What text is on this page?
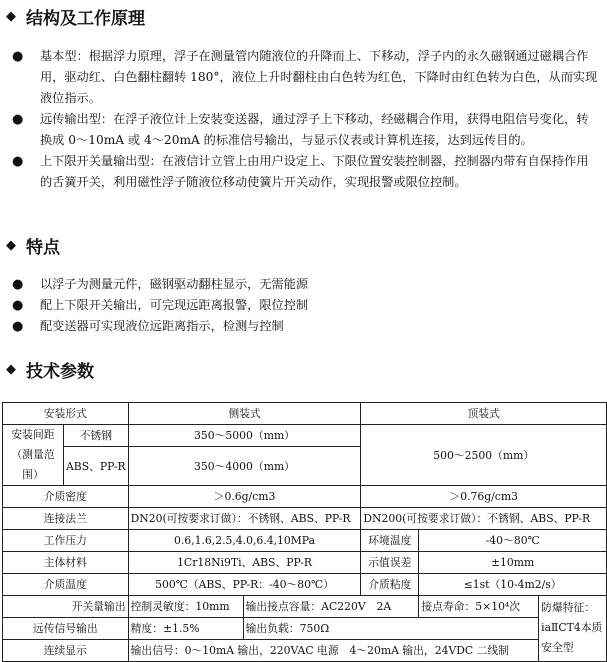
◆ 结构及工作原理
● 基本型：根据浮力原理，浮子在测量管内随液位的升降而上、下移动，浮子内的永久磁钢通过磁耦合作用，驱动红、白色翻柱翻转 180°，液位上升时翻柱由白色转为红色，下降时由红色转为白色，从而实现液位指示。
● 远传输出型：在浮子液位计上安装变送器，通过浮子上下移动，经磁耦合作用，获得电阻信号变化，转换成 0～10mA 或 4～20mA 的标准信号输出，与显示仪表或计算机连接，达到远传目的。
● 上下限开关量输出型：在液信计立管上由用户设定上、下限位置安装控制器，控制器内带有自保持作用的舌簧开关，利用磁性浮子随液位移动使簧片开关动作，实现报警或限位控制。
◆ 特点
● 以浮子为测量元件，磁钢驱动翻柱显示，无需能源
● 配上下限开关输出，可完现远距离报警，限位控制
● 配变送器可实现液位远距离指示，检测与控制
◆ 技术参数
安装形式		侧装式		顶装式		
安装间距（测量范围）	不锈钢	350～5000（mm）		500～2500（mm）		
	ABS、PP-R	350～4000（mm）				

介质密度		＞0.6g/cm3		＞0.76g/cm3		
连接法兰		DN20(可按要求订做）：不锈钢、ABS、PP-R		DN200(可按要求订做）：不锈钢、ABS、PP-R		
工作压力		0.6,1.6,2.5,4.0,6.4,10MPa		环境温度	-40～80℃	
主体材料		1Cr18Ni9Ti、ABS、PP-R		示值误差	±10mm	
介质温度		500℃（ABS、PP-R：-40～80℃）		介质粘度	≤1st（10-4m2/s）	
开关量输出		控制灵敏度：10mm	输出接点容量：AC220V　2A		接点寿命：5×10⁴次	防爆特征：iaⅡCT4本质安全型
远传信号输出		精度：±1.5%	输出负载：750Ω			
连续显示		输出信号：0～10mA 输出，220VAC 电源　4～20mA 输出，24VDC 二线制				
